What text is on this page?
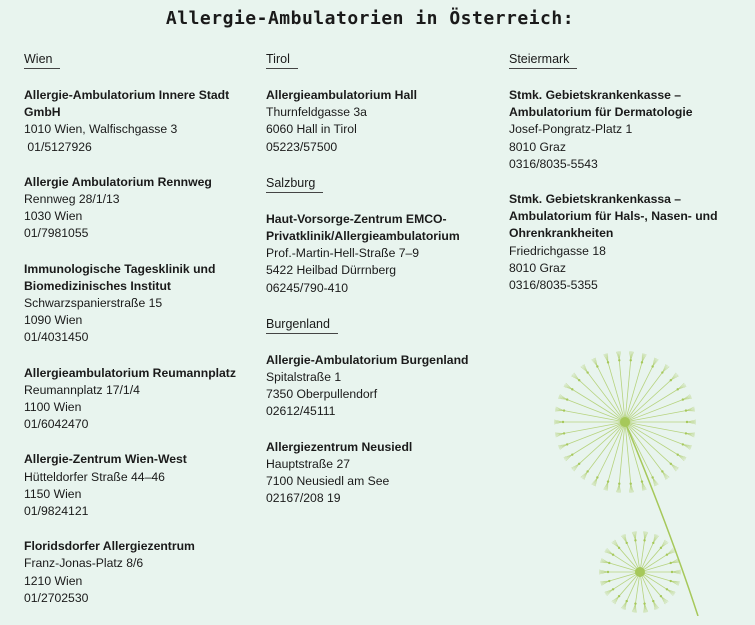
Allergie-Ambulatorien in Österreich:
Wien
Allergie-Ambulatorium Innere Stadt
GmbH
1010 Wien, Walfischgasse 3
01/5127926
Allergie Ambulatorium Rennweg
Rennweg 28/1/13
1030 Wien
01/7981055
Immunologische Tagesklinik und
Biomedizinisches Institut
Schwarzspanierstraße 15
1090 Wien
01/4031450
Allergieambulatorium Reumannplatz
Reumannplatz 17/1/4
1100 Wien
01/6042470
Allergie-Zentrum Wien-West
Hütteldorfer Straße 44–46
1150 Wien
01/9824121
Floridsdorfer Allergiezentrum
Franz-Jonas-Platz 8/6
1210 Wien
01/2702530
Tirol
Allergieambulatorium Hall
Thurnfeldgasse 3a
6060 Hall in Tirol
05223/57500
Salzburg
Haut-Vorsorge-Zentrum EMCO-
Privatklinik/Allergieambulatorium
Prof.-Martin-Hell-Straße 7–9
5422 Heilbad Dürrnberg
06245/790-410
Burgenland
Allergie-Ambulatorium Burgenland
Spitalstraße 1
7350 Oberpullendorf
02612/45111
Allergiezentrum Neusiedl
Hauptstraße 27
7100 Neusiedl am See
02167/208 19
Steiermark
Stmk. Gebietskrankenkasse –
Ambulatorium für Dermatologie
Josef-Pongratz-Platz 1
8010 Graz
0316/8035-5543
Stmk. Gebietskrankenkassa –
Ambulatorium für Hals-, Nasen- und
Ohrenkrankheiten
Friedrichgasse 18
8010 Graz
0316/8035-5355
